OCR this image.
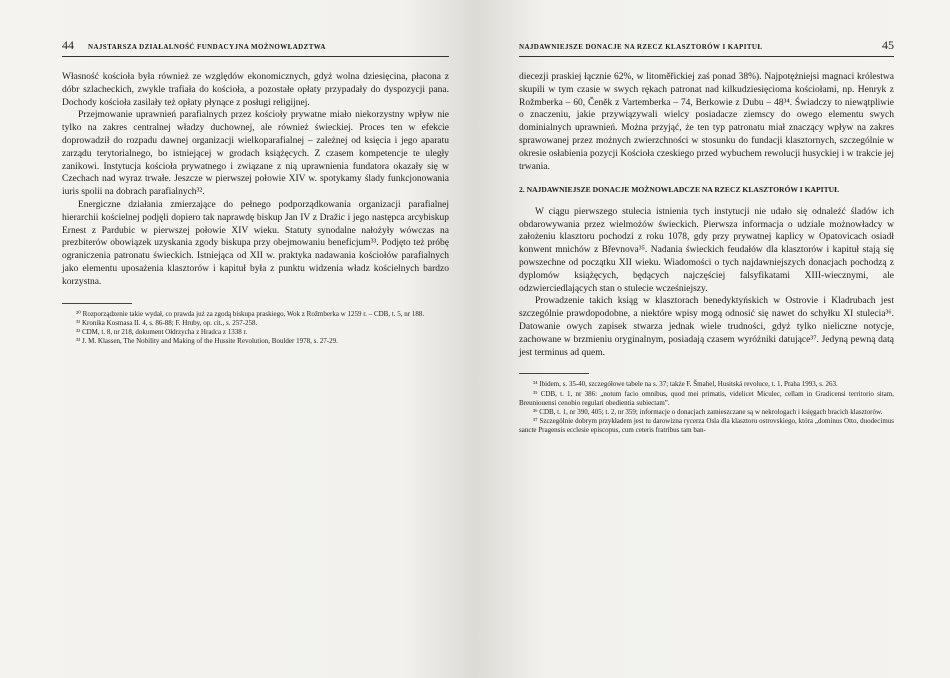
44 NAJSTARSZA DZIAŁALNOŚĆ FUNDACYJNA MOŻNOWŁADZTWA

Własność kościoła była również ze względów ekonomicznych, gdyż wolna dziesięcina, płacona z dóbr szlacheckich, zwykle trafiała do kościoła, a pozostałe opłaty przypadały do dyspozycji pana. Dochody kościoła zasilały też opłaty płynące z posługi religijnej.

Przejmowanie uprawnień parafialnych przez kościoły prywatne miało niekorzystny wpływ nie tylko na zakres centralnej władzy duchownej, ale również świeckiej. Proces ten w efekcie doprowadził do rozpadu dawnej organizacji wielkoparafialnej – zależnej od księcia i jego aparatu zarządu terytorialnego, bo istniejącej w grodach książęcych. Z czasem kompetencje te uległy zanikowi. Instytucja kościoła prywatnego i związane z nią uprawnienia fundatora okazały się w Czechach nad wyraz trwałe. Jeszcze w pierwszej połowie XIV w. spotykamy ślady funkcjonowania iuris spolii na dobrach parafialnych³².

Energiczne działania zmierzające do pełnego podporządkowania organizacji parafialnej hierarchii kościelnej podjęli dopiero tak naprawdę biskup Jan IV z Dražic i jego następca arcybiskup Ernest z Pardubic w pierwszej połowie XIV wieku. Statuty synodalne nałożyły wówczas na prezbiterów obowiązek uzyskania zgody biskupa przy obejmowaniu beneficjum³³. Podjęto też próbę ograniczenia patronatu świeckich. Istniejąca od XII w. praktyka nadawania kościołów parafialnych jako elementu uposażenia klasztorów i kapituł była z punktu widzenia władz kościelnych bardzo korzystna.

³⁰ Rozporządzenie takie wydał, co prawda już za zgodą biskupa praskiego, Wok z Rožmberka w 1259 r. – CDB, t. 5, nr 188.

³¹ Kronika Kosmasa II. 4, s. 86-88; F. Hruby, op. cit., s. 257-258.

³² CDM, t. 8, nr 218, dokument Ołdrzycha z Hradca z 1338 r.

³³ J. M. Klassen, The Nobility and Making of the Hussite Revolution, Boulder 1978, s. 27-29.

NAJDAWNIEJSZE DONACJE NA RZECZ KLASZTORÓW I KAPITUŁ	45

diecezji praskiej łącznie 62%, w litoměřickiej zaś ponad 38%). Najpotężniejsi magnaci królestwa skupili w tym czasie w swych rękach patronat nad kilkudziesięcioma kościołami, np. Henryk z Rožmberka – 60, Čeněk z Vartemberka – 74, Berkowie z Dubu – 48³⁴. Świadczy to niewątpliwie o znaczeniu, jakie przywiązywali wielcy posiadacze ziemscy do owego elementu swych dominialnych uprawnień. Można przyjąć, że ten typ patronatu miał znaczący wpływ na zakres sprawowanej przez możnych zwierzchności w stosunku do fundacji klasztornych, szczególnie w okresie osłabienia pozycji Kościoła czeskiego przed wybuchem rewolucji husyckiej i w trakcie jej trwania.

2. NAJDAWNIEJSZE DONACJE MOŻNOWŁADCZE NA RZECZ KLASZTORÓW I KAPITUŁ

W ciągu pierwszego stulecia istnienia tych instytucji nie udało się odnaleźć śladów ich obdarowywania przez wielmożów świeckich. Pierwsza informacja o udziale możnowładcy w założeniu klasztoru pochodzi z roku 1078, gdy przy prywatnej kaplicy w Opatovicach osiadł konwent mnichów z Břevnova³⁵. Nadania świeckich feudałów dla klasztorów i kapituł stają się powszechne od początku XII wieku. Wiadomości o tych najdawniejszych donacjach pochodzą z dyplomów książęcych, będących najczęściej falsyfikatami XIII-wiecznymi, ale odzwierciedlających stan o stulecie wcześniejszy.

Prowadzenie takich ksiąg w klasztorach benedyktyńskich w Ostrovie i Kladrubach jest szczególnie prawdopodobne, a niektóre wpisy mogą odnosić się nawet do schyłku XI stulecia³⁶. Datowanie owych zapisek stwarza jednak wiele trudności, gdyż tylko nieliczne notycje, zachowane w brzmieniu oryginalnym, posiadają czasem wyróżniki datujące³⁷. Jedyną pewną datą jest terminus ad quem.

³⁴ Ibidem, s. 35-40, szczegółowe tabele na s. 37; także F. Šmahel, Husitská revoluce, t. 1, Praha 1993, s. 263.

³⁵ CDB, t. 1, nr 386: „notum facio omnibus, quod mei primatis, videlicet Miculec, cellam in Gradicensi territorio sitam, Breuniouensi cenobio regulari obedientia subiectam”.

³⁶ CDB, t. 1, nr 390, 405; t. 2, nr 359; informacje o donacjach zamieszczane są w nekrologach i księgach bracich klasztorów.

³⁷ Szczególnie dobrym przykładem jest tu darowizna rycerza Osla dla klasztoru ostrovskiego, która „dominus Otto, duodecimus sancte Pragensis ecclesie episcopus, cum ceteris fratribus tam ban-
